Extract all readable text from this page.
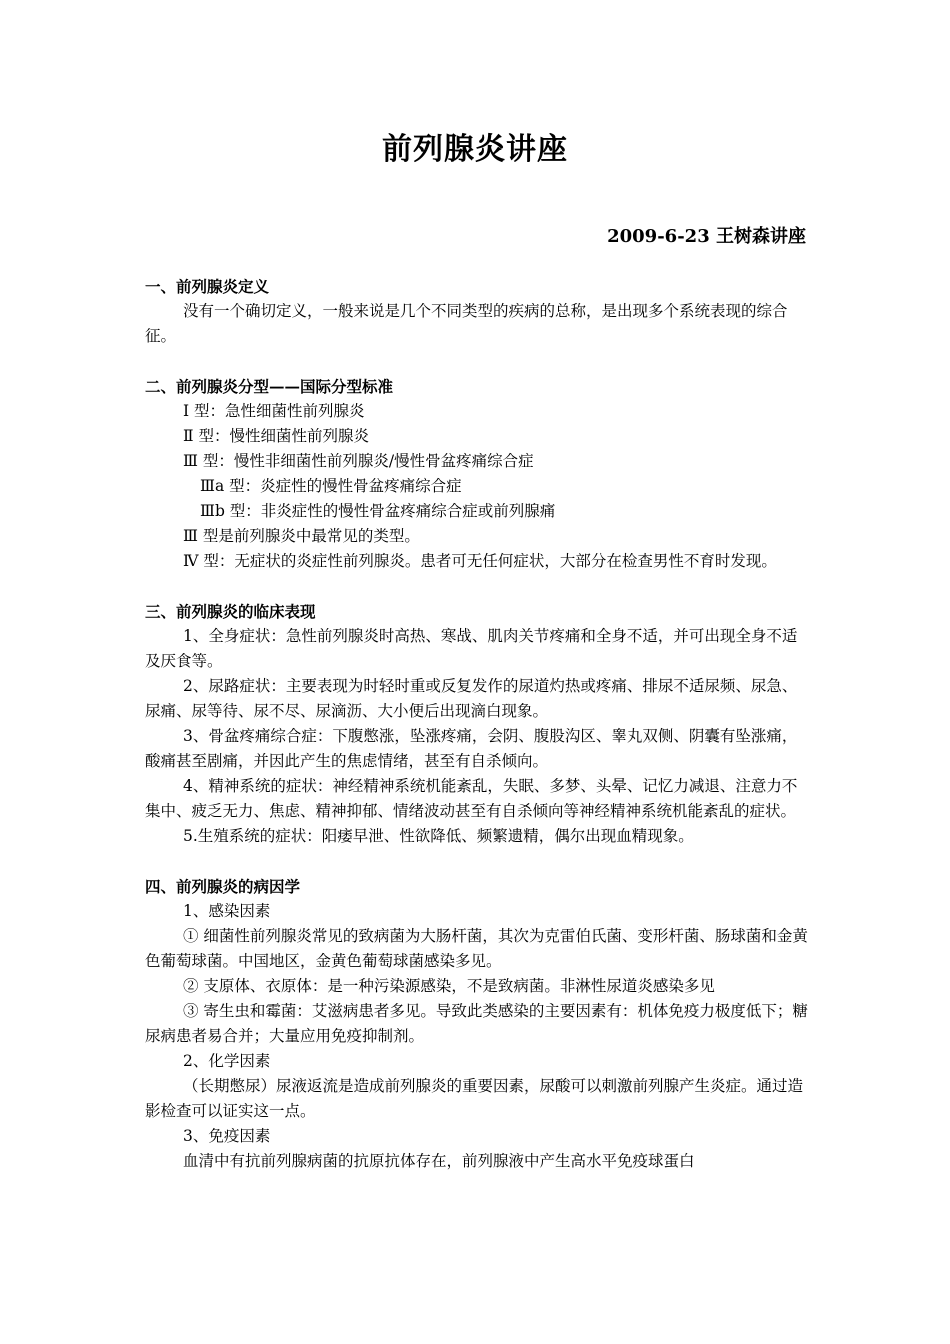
前列腺炎讲座
2009-6-23 王树森讲座

一、前列腺炎定义

没有一个确切定义，一般来说是几个不同类型的疾病的总称，是出现多个系统表现的综合征。

二、前列腺炎分型——国际分型标准

Ⅰ 型：急性细菌性前列腺炎

Ⅱ 型：慢性细菌性前列腺炎

Ⅲ 型：慢性非细菌性前列腺炎/慢性骨盆疼痛综合症

Ⅲa 型：炎症性的慢性骨盆疼痛综合症

Ⅲb 型：非炎症性的慢性骨盆疼痛综合症或前列腺痛

Ⅲ 型是前列腺炎中最常见的类型。

Ⅳ 型：无症状的炎症性前列腺炎。患者可无任何症状，大部分在检查男性不育时发现。

三、前列腺炎的临床表现

1、全身症状：急性前列腺炎时高热、寒战、肌肉关节疼痛和全身不适，并可出现全身不适及厌食等。

2、尿路症状：主要表现为时轻时重或反复发作的尿道灼热或疼痛、排尿不适尿频、尿急、尿痛、尿等待、尿不尽、尿滴沥、大小便后出现滴白现象。

3、骨盆疼痛综合症：下腹憋涨，坠涨疼痛，会阴、腹股沟区、睾丸双侧、阴囊有坠涨痛，酸痛甚至剧痛，并因此产生的焦虑情绪，甚至有自杀倾向。

4、精神系统的症状：神经精神系统机能紊乱，失眠、多梦、头晕、记忆力减退、注意力不集中、疲乏无力、焦虑、精神抑郁、情绪波动甚至有自杀倾向等神经精神系统机能紊乱的症状。

5.生殖系统的症状：阳痿早泄、性欲降低、频繁遗精，偶尔出现血精现象。

四、前列腺炎的病因学

1、感染因素

① 细菌性前列腺炎常见的致病菌为大肠杆菌，其次为克雷伯氏菌、变形杆菌、肠球菌和金黄色葡萄球菌。中国地区，金黄色葡萄球菌感染多见。

② 支原体、衣原体：是一种污染源感染，不是致病菌。非淋性尿道炎感染多见

③ 寄生虫和霉菌：艾滋病患者多见。导致此类感染的主要因素有：机体免疫力极度低下；糖尿病患者易合并；大量应用免疫抑制剂。

2、化学因素

（长期憋尿）尿液返流是造成前列腺炎的重要因素，尿酸可以刺激前列腺产生炎症。通过造影检查可以证实这一点。

3、免疫因素

血清中有抗前列腺病菌的抗原抗体存在，前列腺液中产生高水平免疫球蛋白
